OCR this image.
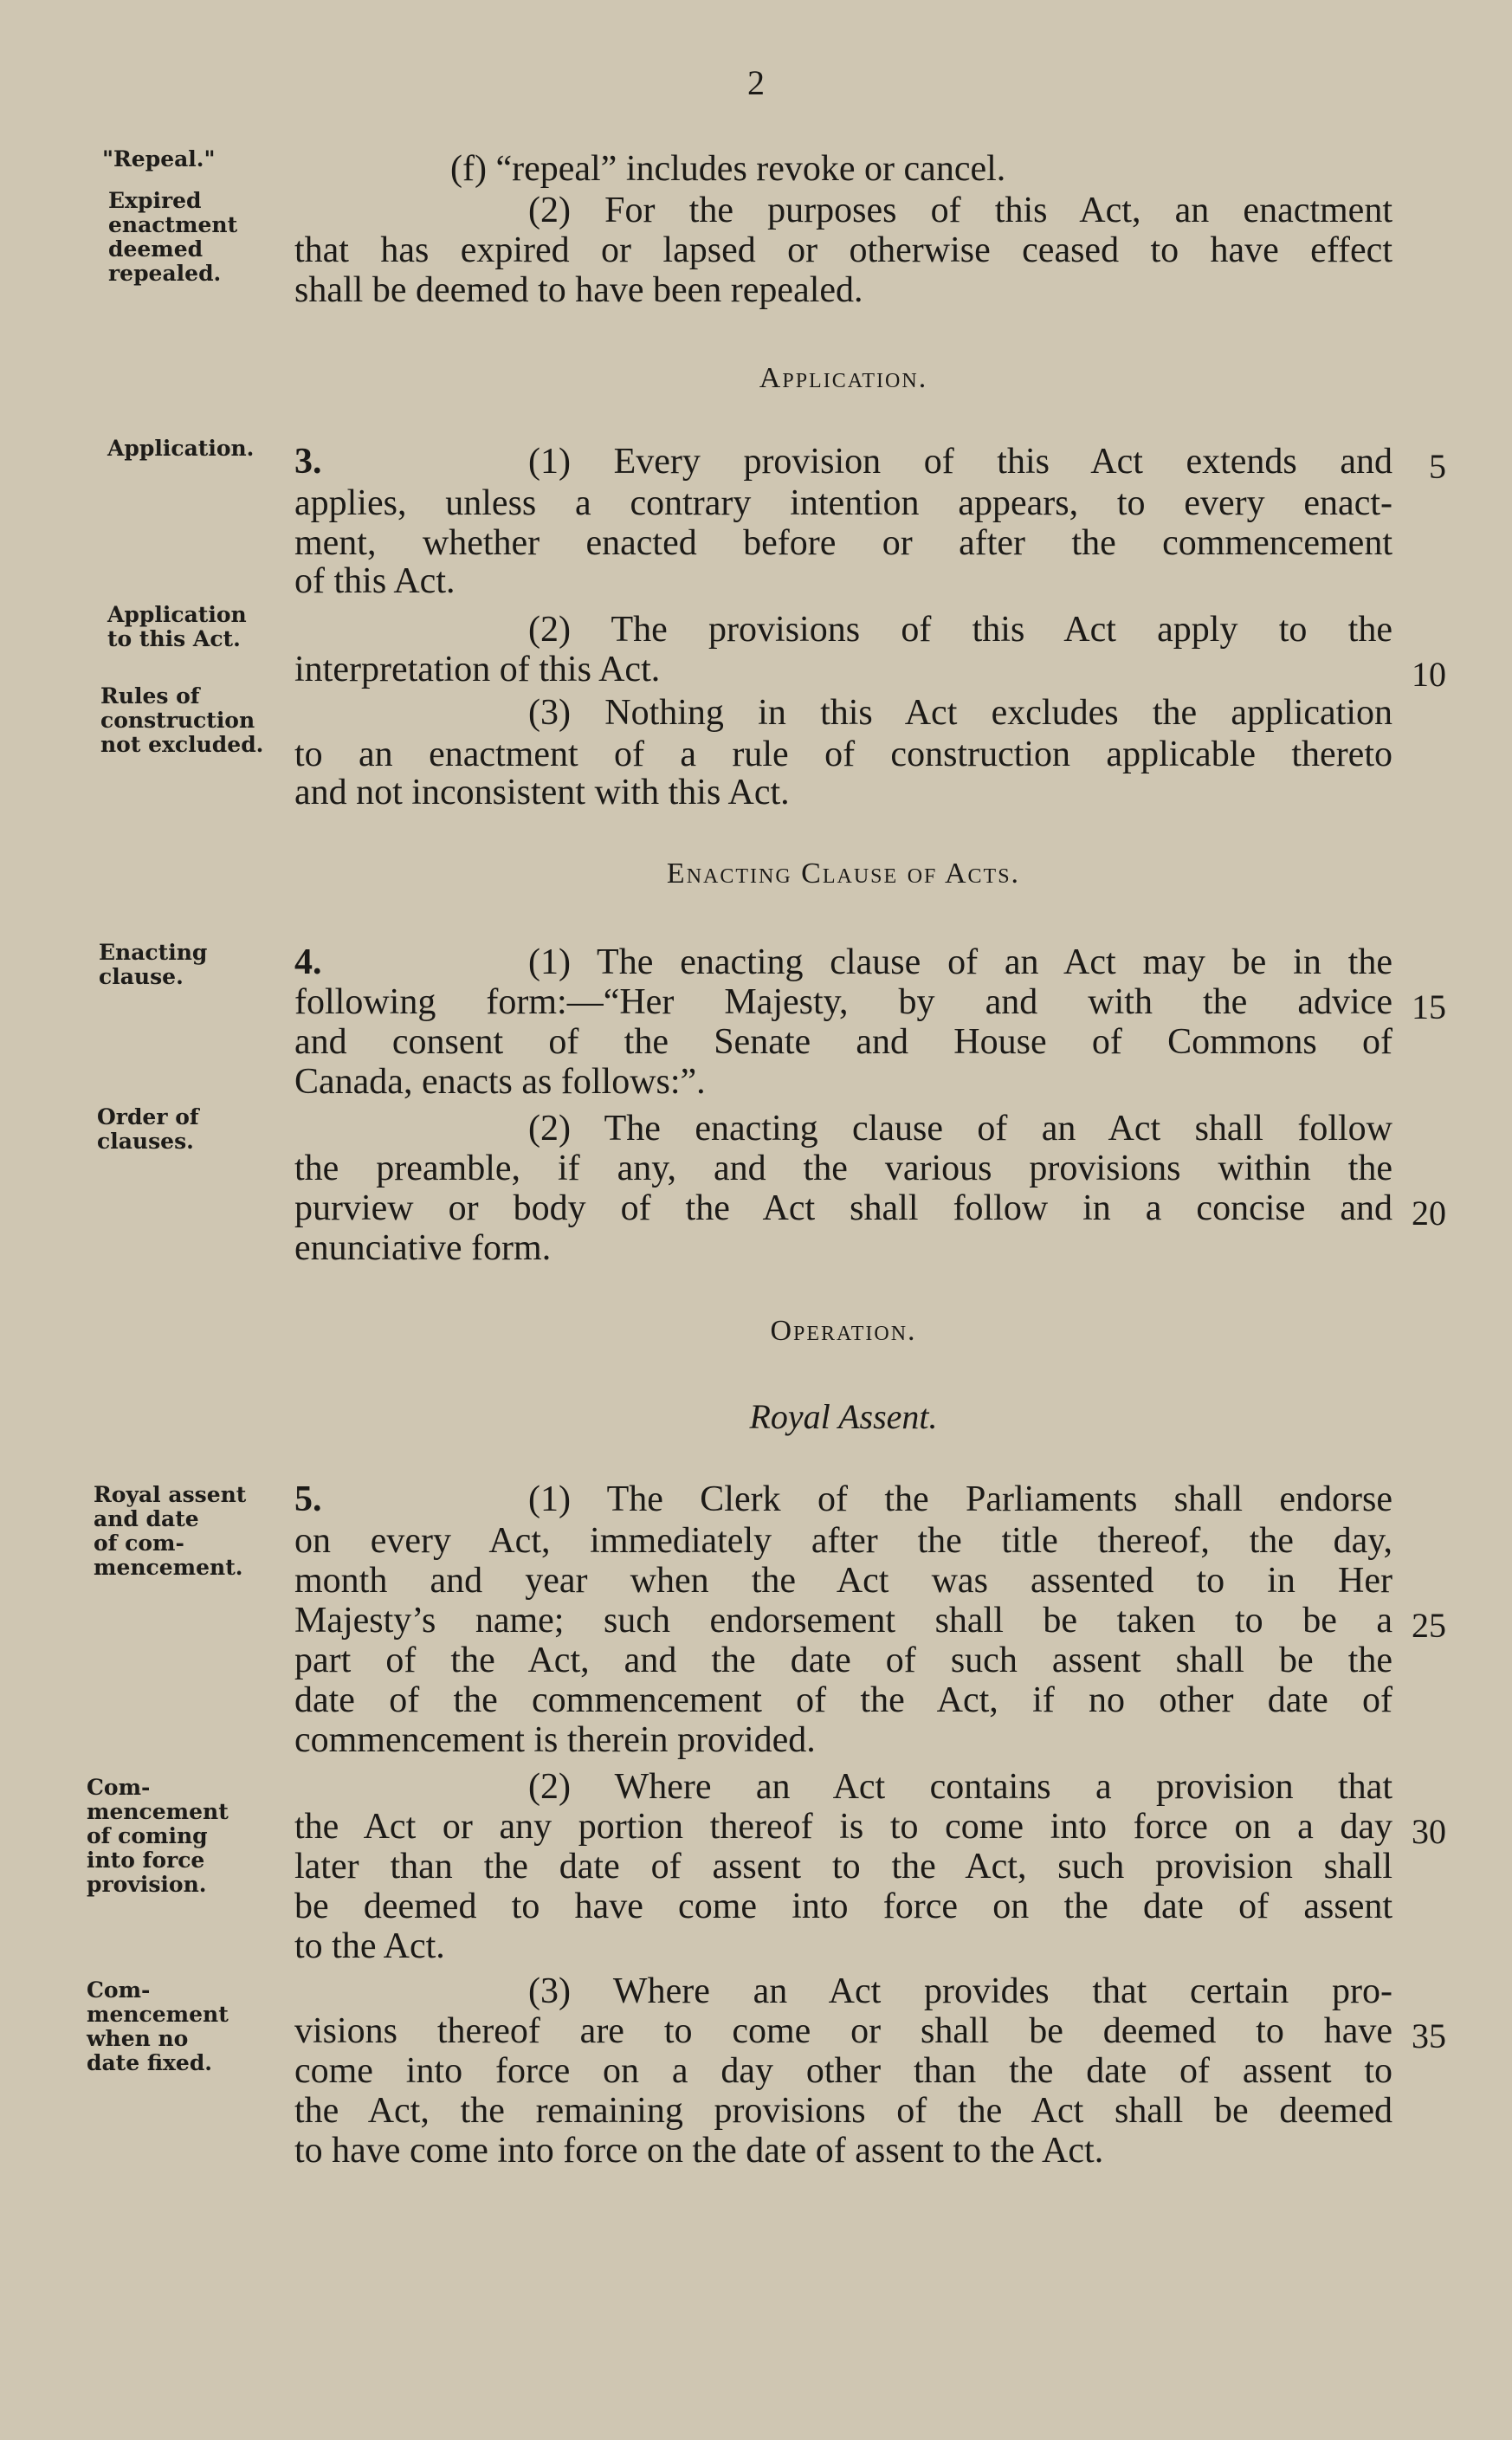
2
"Repeal."
Expired
enactment
deemed
repealed.
Application.
Application
to this Act.
Rules of
construction
not excluded.
Enacting
clause.
Order of
clauses.
Royal assent
and date
of com-
mencement.
Com-
mencement
of coming
into force
provision.
Com-
mencement
when no
date fixed.
(f) “repeal” includes revoke or cancel.
(2) For the purposes of this Act, an enactment
that has expired or lapsed or otherwise ceased to have effect
shall be deemed to have been repealed.
Application.
3.	(1) Every provision of this Act extends and	5
applies, unless a contrary intention appears, to every enact-
ment, whether enacted before or after the commencement
of this Act.
(2) The provisions of this Act apply to the
interpretation of this Act.	10
(3) Nothing in this Act excludes the application
to an enactment of a rule of construction applicable thereto
and not inconsistent with this Act.
Enacting Clause of Acts.
4.	(1) The enacting clause of an Act may be in the
following form:—“Her Majesty, by and with the advice 15
and consent of the Senate and House of Commons of
Canada, enacts as follows:”.
(2) The enacting clause of an Act shall follow
the preamble, if any, and the various provisions within the
purview or body of the Act shall follow in a concise and 20
enunciative form.
Operation.
Royal Assent.
5.	(1) The Clerk of the Parliaments shall endorse
on every Act, immediately after the title thereof, the day,
month and year when the Act was assented to in Her
Majesty’s name; such endorsement shall be taken to be a 25
part of the Act, and the date of such assent shall be the
date of the commencement of the Act, if no other date of
commencement is therein provided.
(2) Where an Act contains a provision that
the Act or any portion thereof is to come into force on a day 30
later than the date of assent to the Act, such provision shall
be deemed to have come into force on the date of assent
to the Act.
(3) Where an Act provides that certain pro-
visions thereof are to come or shall be deemed to have 35
come into force on a day other than the date of assent to
the Act, the remaining provisions of the Act shall be deemed
to have come into force on the date of assent to the Act.
